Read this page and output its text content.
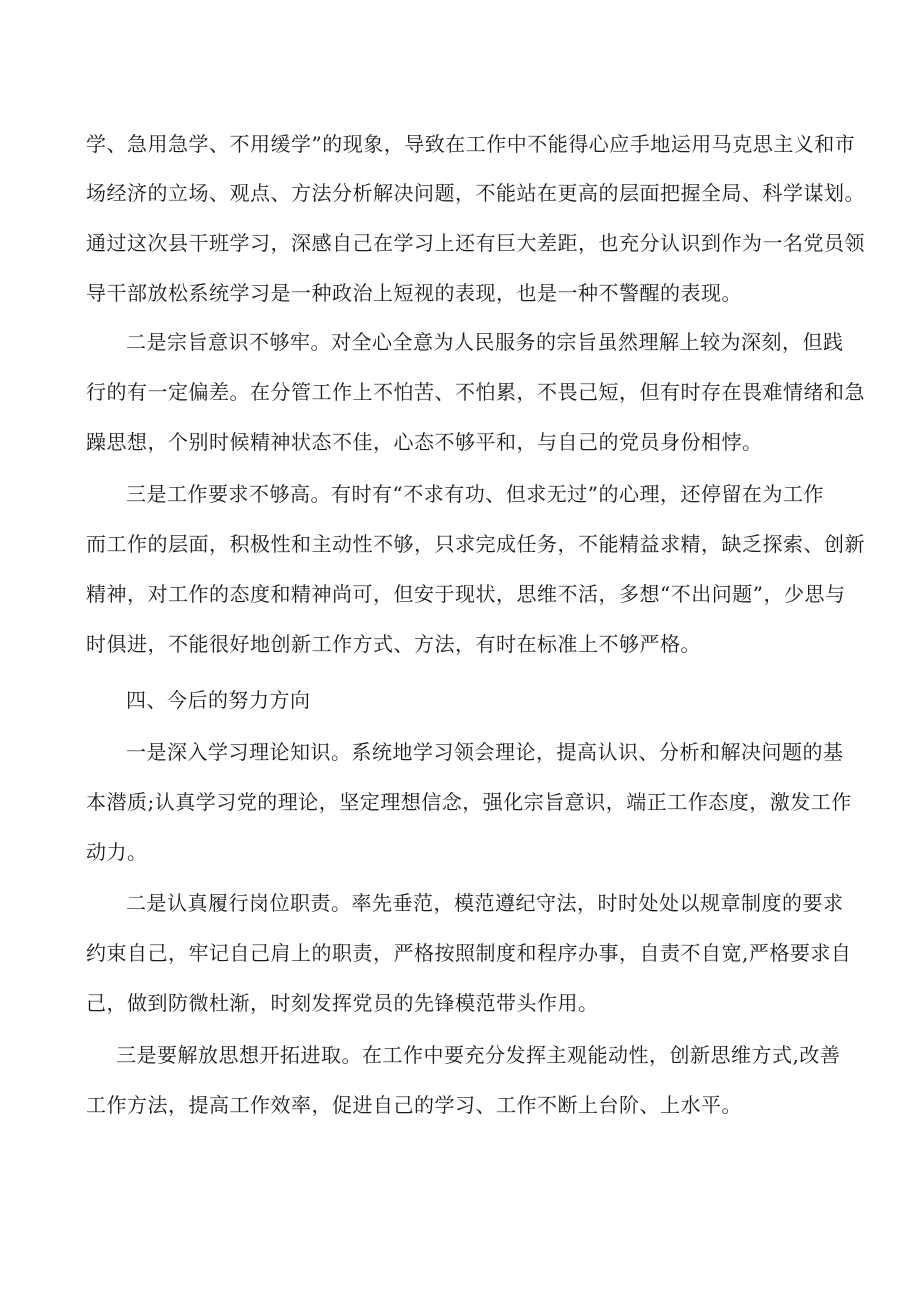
学、急用急学、不用缓学”的现象，导致在工作中不能得心应手地运用马克思主义和市
场经济的立场、观点、方法分析解决问题，不能站在更高的层面把握全局、科学谋划。
通过这次县干班学习，深感自己在学习上还有巨大差距，也充分认识到作为一名党员领
导干部放松系统学习是一种政治上短视的表现，也是一种不警醒的表现。
二是宗旨意识不够牢。对全心全意为人民服务的宗旨虽然理解上较为深刻，但践
行的有一定偏差。在分管工作上不怕苦、不怕累，不畏己短，但有时存在畏难情绪和急
躁思想，个别时候精神状态不佳，心态不够平和，与自己的党员身份相悖。
三是工作要求不够高。有时有“不求有功、但求无过”的心理，还停留在为工作
而工作的层面，积极性和主动性不够，只求完成任务，不能精益求精，缺乏探索、创新
精神，对工作的态度和精神尚可，但安于现状，思维不活，多想“不出问题”，少思与
时俱进，不能很好地创新工作方式、方法，有时在标准上不够严格。
四、今后的努力方向
一是深入学习理论知识。系统地学习领会理论，提高认识、分析和解决问题的基
本潜质;认真学习党的理论，坚定理想信念，强化宗旨意识，端正工作态度，激发工作
动力。
二是认真履行岗位职责。率先垂范，模范遵纪守法，时时处处以规章制度的要求
约束自己，牢记自己肩上的职责，严格按照制度和程序办事，自责不自宽,严格要求自
己，做到防微杜渐，时刻发挥党员的先锋模范带头作用。
三是要解放思想开拓进取。在工作中要充分发挥主观能动性，创新思维方式,改善
工作方法，提高工作效率，促进自己的学习、工作不断上台阶、上水平。
